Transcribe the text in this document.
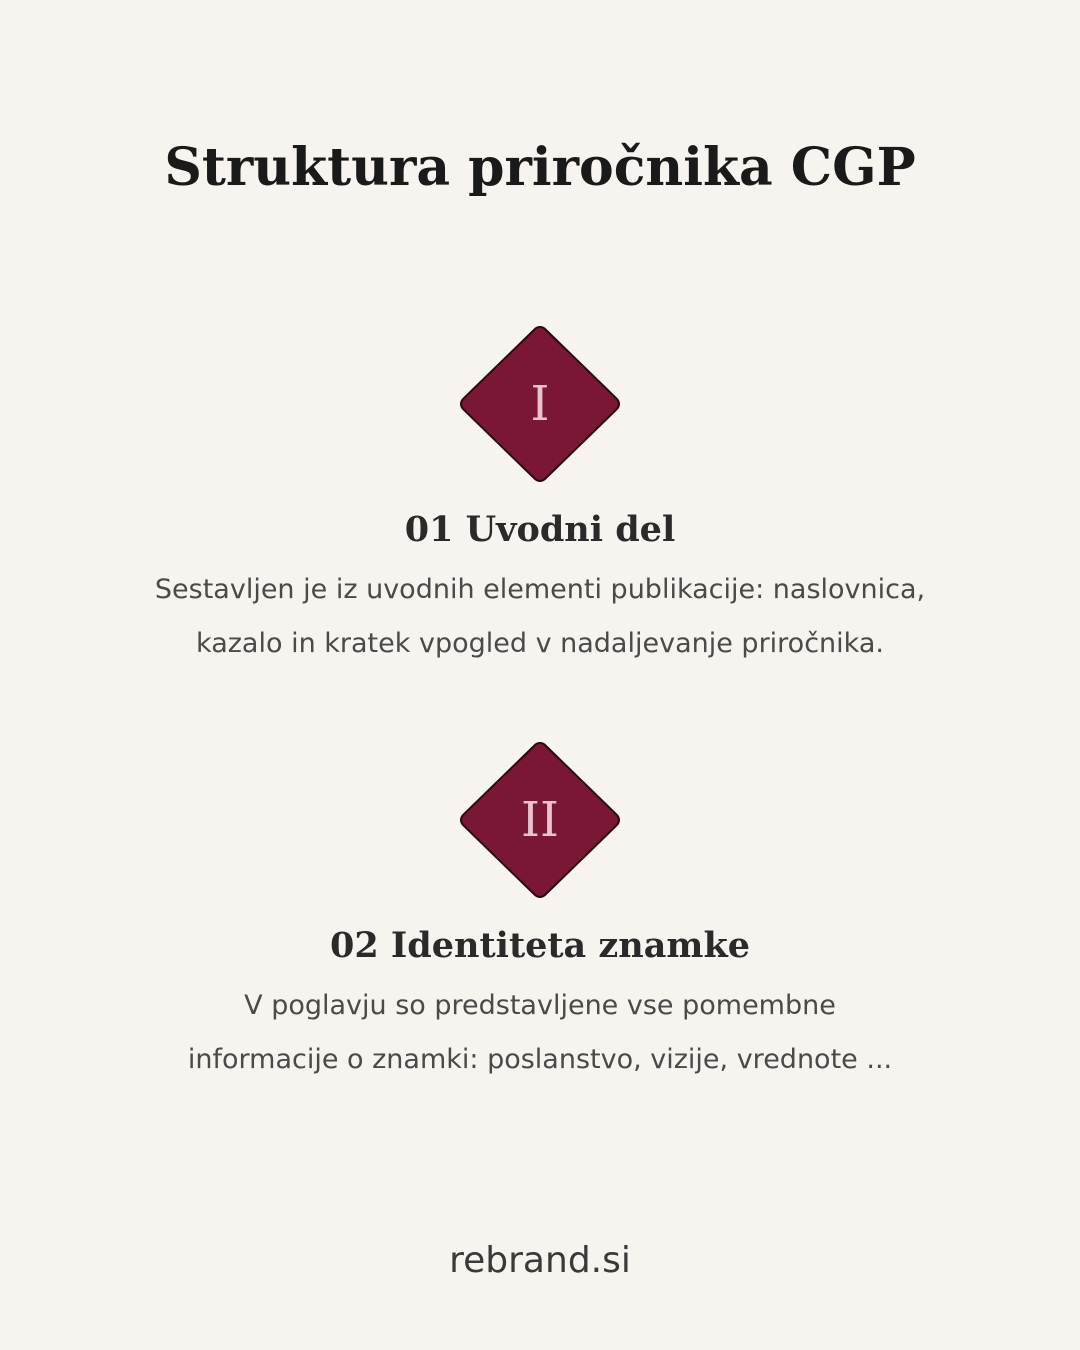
Struktura priročnika CGP
I
01 Uvodni del
Sestavljen je iz uvodnih elementi publikacije: naslovnica,
kazalo in kratek vpogled v nadaljevanje priročnika.
II
02 Identiteta znamke
V poglavju so predstavljene vse pomembne
informacije o znamki: poslanstvo, vizije, vrednote ...
rebrand.si
